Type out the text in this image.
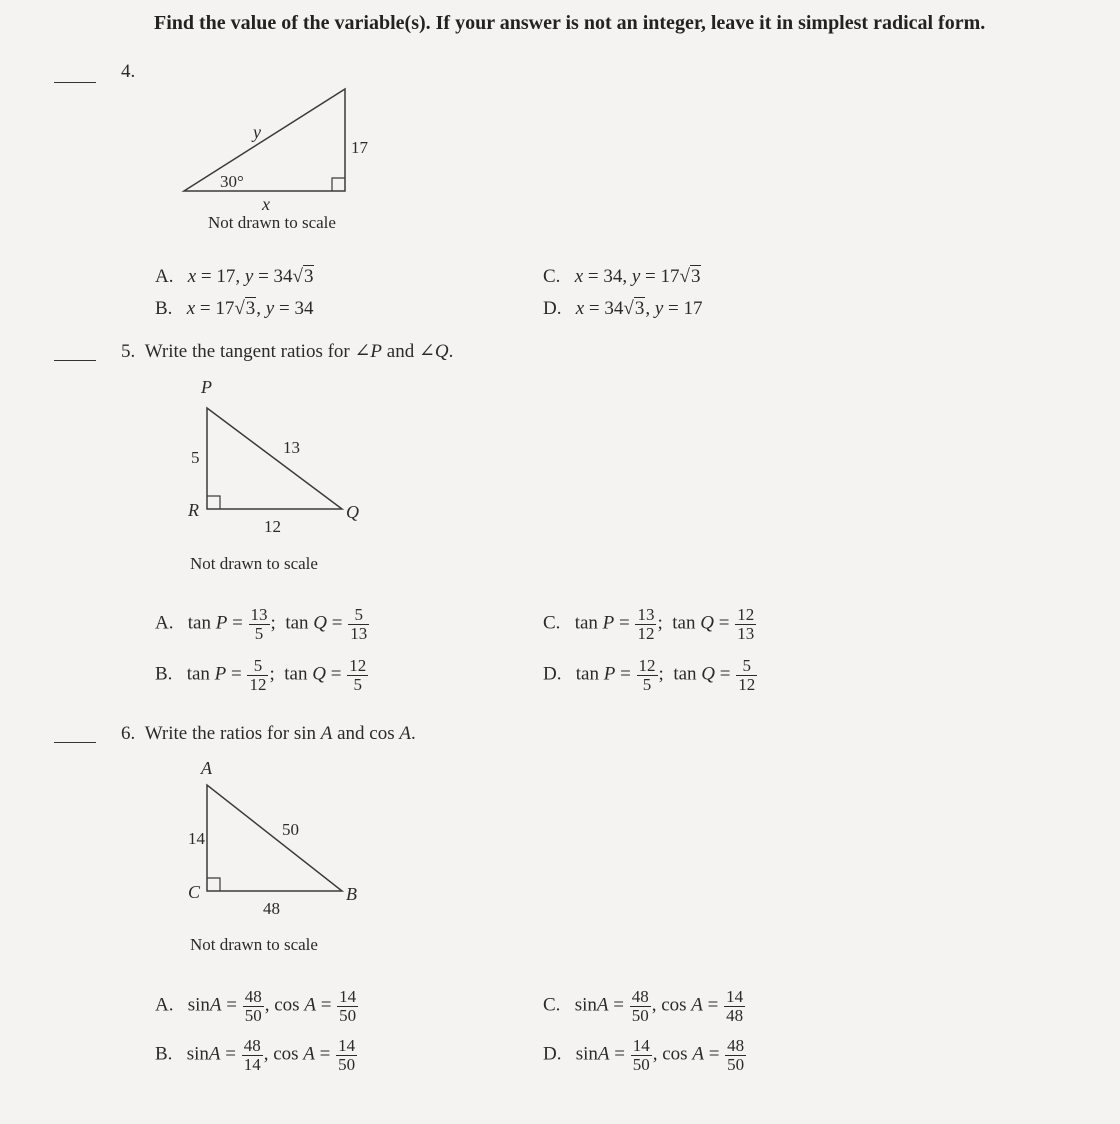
Find the value of the variable(s). If your answer is not an integer, leave it in simplest radical form.
4.
30°
y
17
x
Not drawn to scale
A. x = 17, y = 34√3
B. x = 17√3, y = 34
C. x = 34, y = 17√3
D. x = 34√3, y = 17
5. Write the tangent ratios for ∠P and ∠Q.
P
R	Q
5
13
12
Not drawn to scale
A. $\tan P = \frac{13}{5}$ ;  $\tan Q = \frac{5}{13}$
B. $\tan P = \frac{5}{12}$ ;  $\tan Q = \frac{12}{5}$
C. $\tan P = \frac{13}{12}$ ;  $\tan Q = \frac{12}{13}$
D. $\tan P = \frac{12}{5}$ ;  $\tan Q = \frac{5}{12}$
6. Write the ratios for sin A and cos A.
A
C	B
14	50
48
Not drawn to scale
A. $\sin A = \frac{48}{50}$ , $\cos A = \frac{14}{50}$
B. $\sin A = \frac{48}{14}$ , $\cos A = \frac{14}{50}$
C. $\sin A = \frac{48}{50}$ , $\cos A = \frac{14}{48}$
D. $\sin A = \frac{14}{50}$ , $\cos A = \frac{48}{50}$
